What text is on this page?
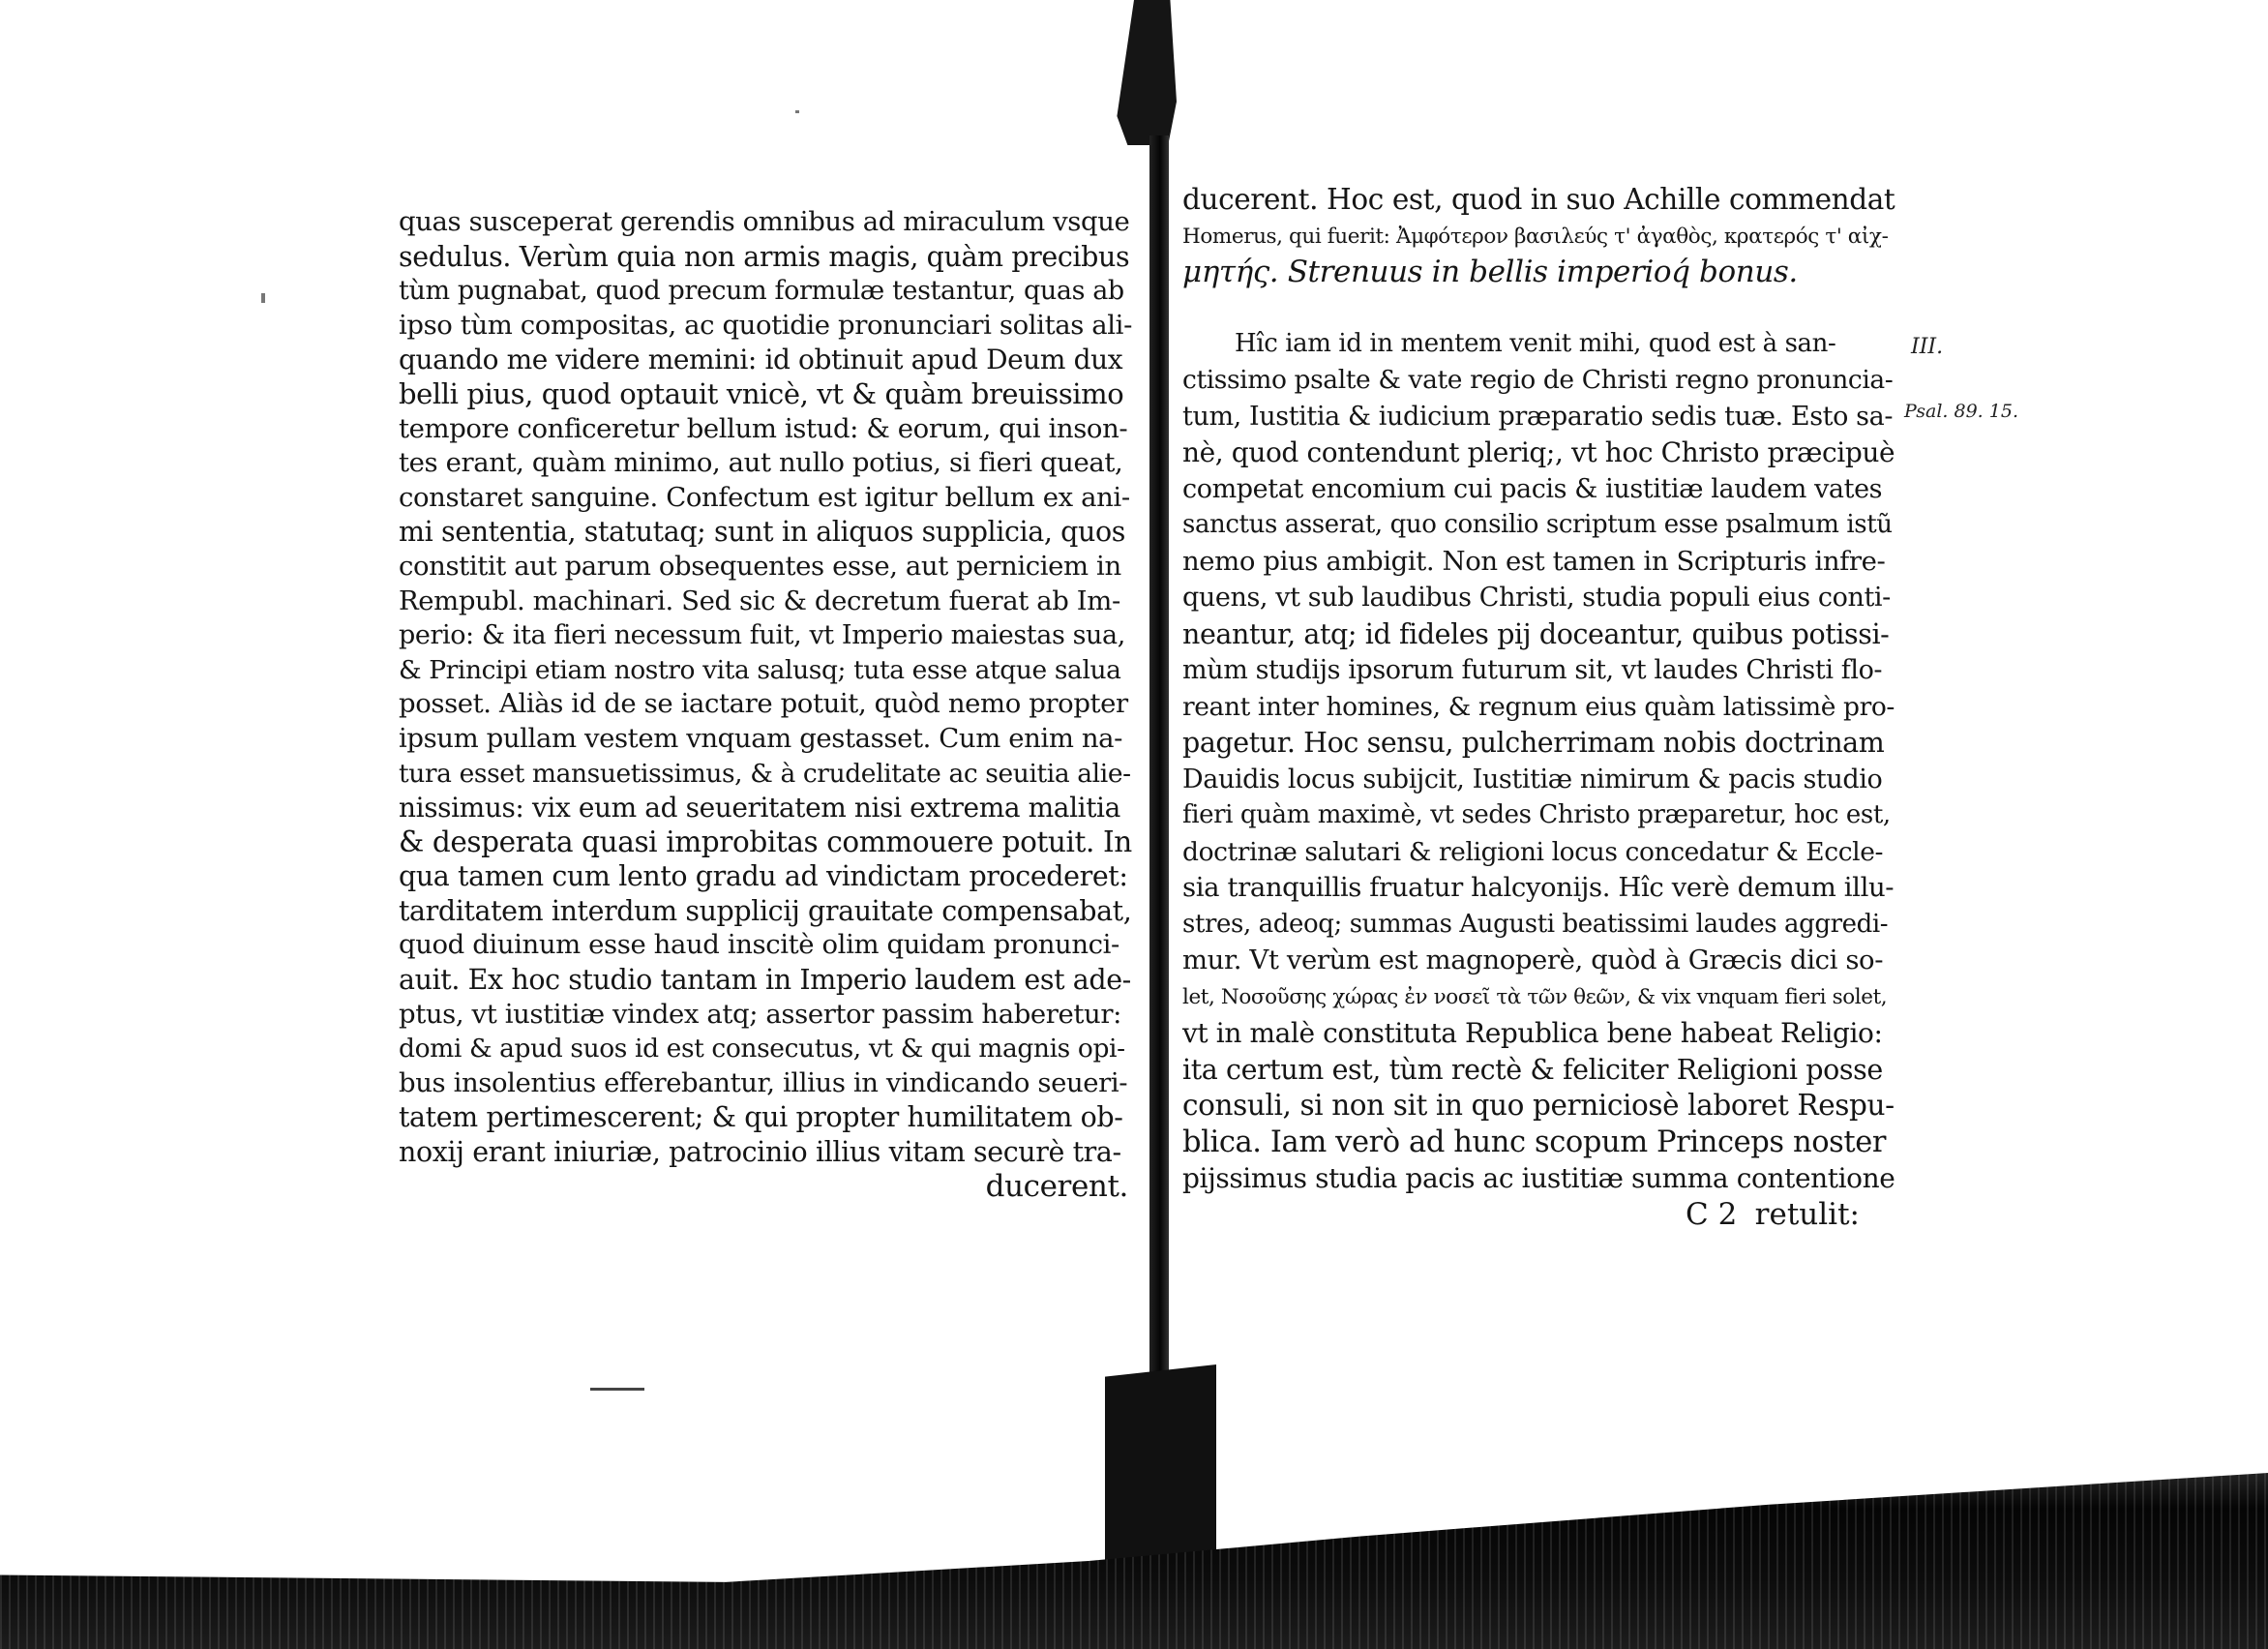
quas susceperat gerendis omnibus ad miraculum vsque
sedulus. Verùm quia non armis magis, quàm precibus
tùm pugnabat, quod precum formulæ testantur, quas ab
ipso tùm compositas, ac quotidie pronunciari solitas ali-
quando me videre memini: id obtinuit apud Deum dux
belli pius, quod optauit vnicè, vt & quàm breuissimo
tempore conficeretur bellum istud: & eorum, qui inson-
tes erant, quàm minimo, aut nullo potius, si fieri queat,
constaret sanguine. Confectum est igitur bellum ex ani-
mi sententia, statutaq; sunt in aliquos supplicia, quos
constitit aut parum obsequentes esse, aut perniciem in
Rempubl. machinari. Sed sic & decretum fuerat ab Im-
perio: & ita fieri necessum fuit, vt Imperio maiestas sua,
& Principi etiam nostro vita salusq; tuta esse atque salua
posset. Aliàs id de se iactare potuit, quòd nemo propter
ipsum pullam vestem vnquam gestasset. Cum enim na-
tura esset mansuetissimus, & à crudelitate ac seuitia alie-
nissimus: vix eum ad seueritatem nisi extrema malitia
& desperata quasi improbitas commouere potuit. In
qua tamen cum lento gradu ad vindictam procederet:
tarditatem interdum supplicij grauitate compensabat,
quod diuinum esse haud inscitè olim quidam pronunci-
auit. Ex hoc studio tantam in Imperio laudem est ade-
ptus, vt iustitiæ vindex atq; assertor passim haberetur:
domi & apud suos id est consecutus, vt & qui magnis opi-
bus insolentius efferebantur, illius in vindicando seueri-
tatem pertimescerent; & qui propter humilitatem ob-
noxij erant iniuriæ, patrocinio illius vitam securè tra-
ducerent.
ducerent. Hoc est, quod in suo Achille commendat
Homerus, qui fuerit: Ἀμφότερον βασιλεύς τ' ἀγαθὸς, κρατερός τ' αἰχ-
μητής. Strenuus in bellis imperioq́ bonus.
Hîc iam id in mentem venit mihi, quod est à san-
ctissimo psalte & vate regio de Christi regno pronuncia-
tum, Iustitia & iudicium præparatio sedis tuæ. Esto sa-
nè, quod contendunt pleriq;, vt hoc Christo præcipuè
competat encomium cui pacis & iustitiæ laudem vates
sanctus asserat, quo consilio scriptum esse psalmum istũ
nemo pius ambigit. Non est tamen in Scripturis infre-
quens, vt sub laudibus Christi, studia populi eius conti-
neantur, atq; id fideles pij doceantur, quibus potissi-
mùm studijs ipsorum futurum sit, vt laudes Christi flo-
reant inter homines, & regnum eius quàm latissimè pro-
pagetur. Hoc sensu, pulcherrimam nobis doctrinam
Dauidis locus subijcit, Iustitiæ nimirum & pacis studio
fieri quàm maximè, vt sedes Christo præparetur, hoc est,
doctrinæ salutari & religioni locus concedatur & Eccle-
sia tranquillis fruatur halcyonijs. Hîc verè demum illu-
stres, adeoq; summas Augusti beatissimi laudes aggredi-
mur. Vt verùm est magnoperè, quòd à Græcis dici so-
let, Νοσοῦσης χώρας ἐν νοσεῖ τὰ τῶν θεῶν, & vix vnquam fieri solet,
vt in malè constituta Republica bene habeat Religio:
ita certum est, tùm rectè & feliciter Religioni posse
consuli, si non sit in quo perniciosè laboret Respu-
blica. Iam verò ad hunc scopum Princeps noster
pijssimus studia pacis ac iustitiæ summa contentione
C 2 retulit:
III.
Psal. 89. 15.
